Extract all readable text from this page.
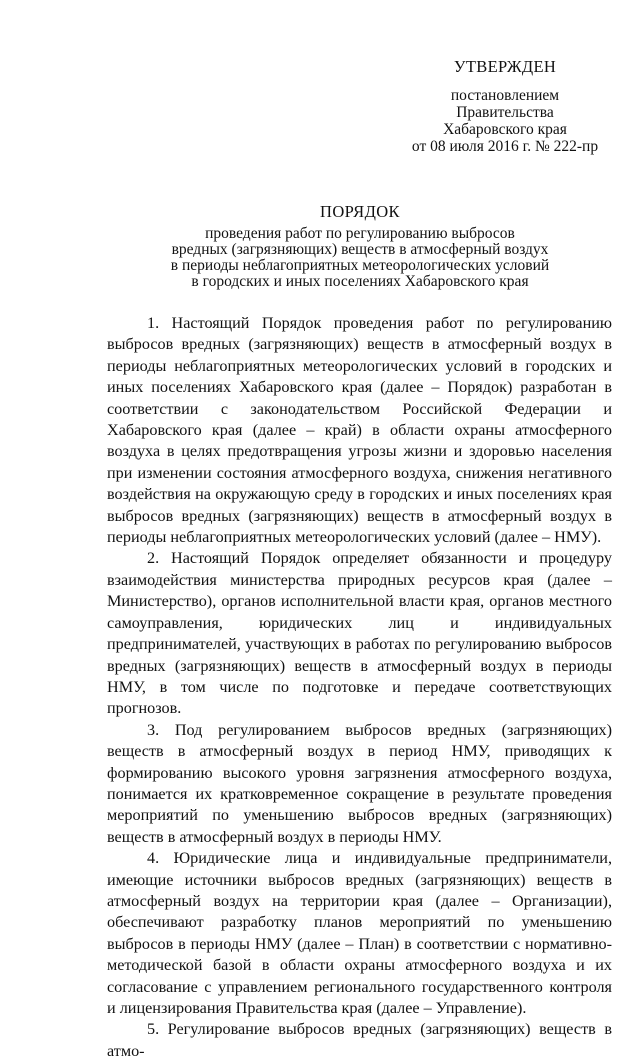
УТВЕРЖДЕН
постановлением
Правительства
Хабаровского края
от 08 июля 2016 г. № 222-пр
ПОРЯДОК
проведения работ по регулированию выбросов
вредных (загрязняющих) веществ в атмосферный воздух
в периоды неблагоприятных метеорологических условий
в городских и иных поселениях Хабаровского края

1. Настоящий Порядок проведения работ по регулированию выбросов вредных (загрязняющих) веществ в атмосферный воздух в периоды неблагоприятных метеорологических условий в городских и иных поселениях Хабаровского края (далее – Порядок) разработан в соответствии с законодательством Российской Федерации и Хабаровского края (далее – край) в области охраны атмосферного воздуха в целях предотвращения угрозы жизни и здоровью населения при изменении состояния атмосферного воздуха, снижения негативного воздействия на окружающую среду в городских и иных поселениях края выбросов вредных (загрязняющих) веществ в атмосферный воздух в периоды неблагоприятных метеорологических условий (далее – НМУ).

2. Настоящий Порядок определяет обязанности и процедуру взаимодействия министерства природных ресурсов края (далее – Министерство), органов исполнительной власти края, органов местного самоуправления, юридических лиц и индивидуальных предпринимателей, участвующих в работах по регулированию выбросов вредных (загрязняющих) веществ в атмосферный воздух в периоды НМУ, в том числе по подготовке и передаче соответствующих прогнозов.

3. Под регулированием выбросов вредных (загрязняющих) веществ в атмосферный воздух в период НМУ, приводящих к формированию высокого уровня загрязнения атмосферного воздуха, понимается их кратковременное сокращение в результате проведения мероприятий по уменьшению выбросов вредных (загрязняющих) веществ в атмосферный воздух в периоды НМУ.

4. Юридические лица и индивидуальные предприниматели, имеющие источники выбросов вредных (загрязняющих) веществ в атмосферный воздух на территории края (далее – Организации), обеспечивают разработку планов мероприятий по уменьшению выбросов в периоды НМУ (далее – План) в соответствии с нормативно-методической базой в области охраны атмосферного воздуха и их согласование с управлением регионального государственного контроля и лицензирования Правительства края (далее – Управление).

5. Регулирование выбросов вредных (загрязняющих) веществ в атмо-
